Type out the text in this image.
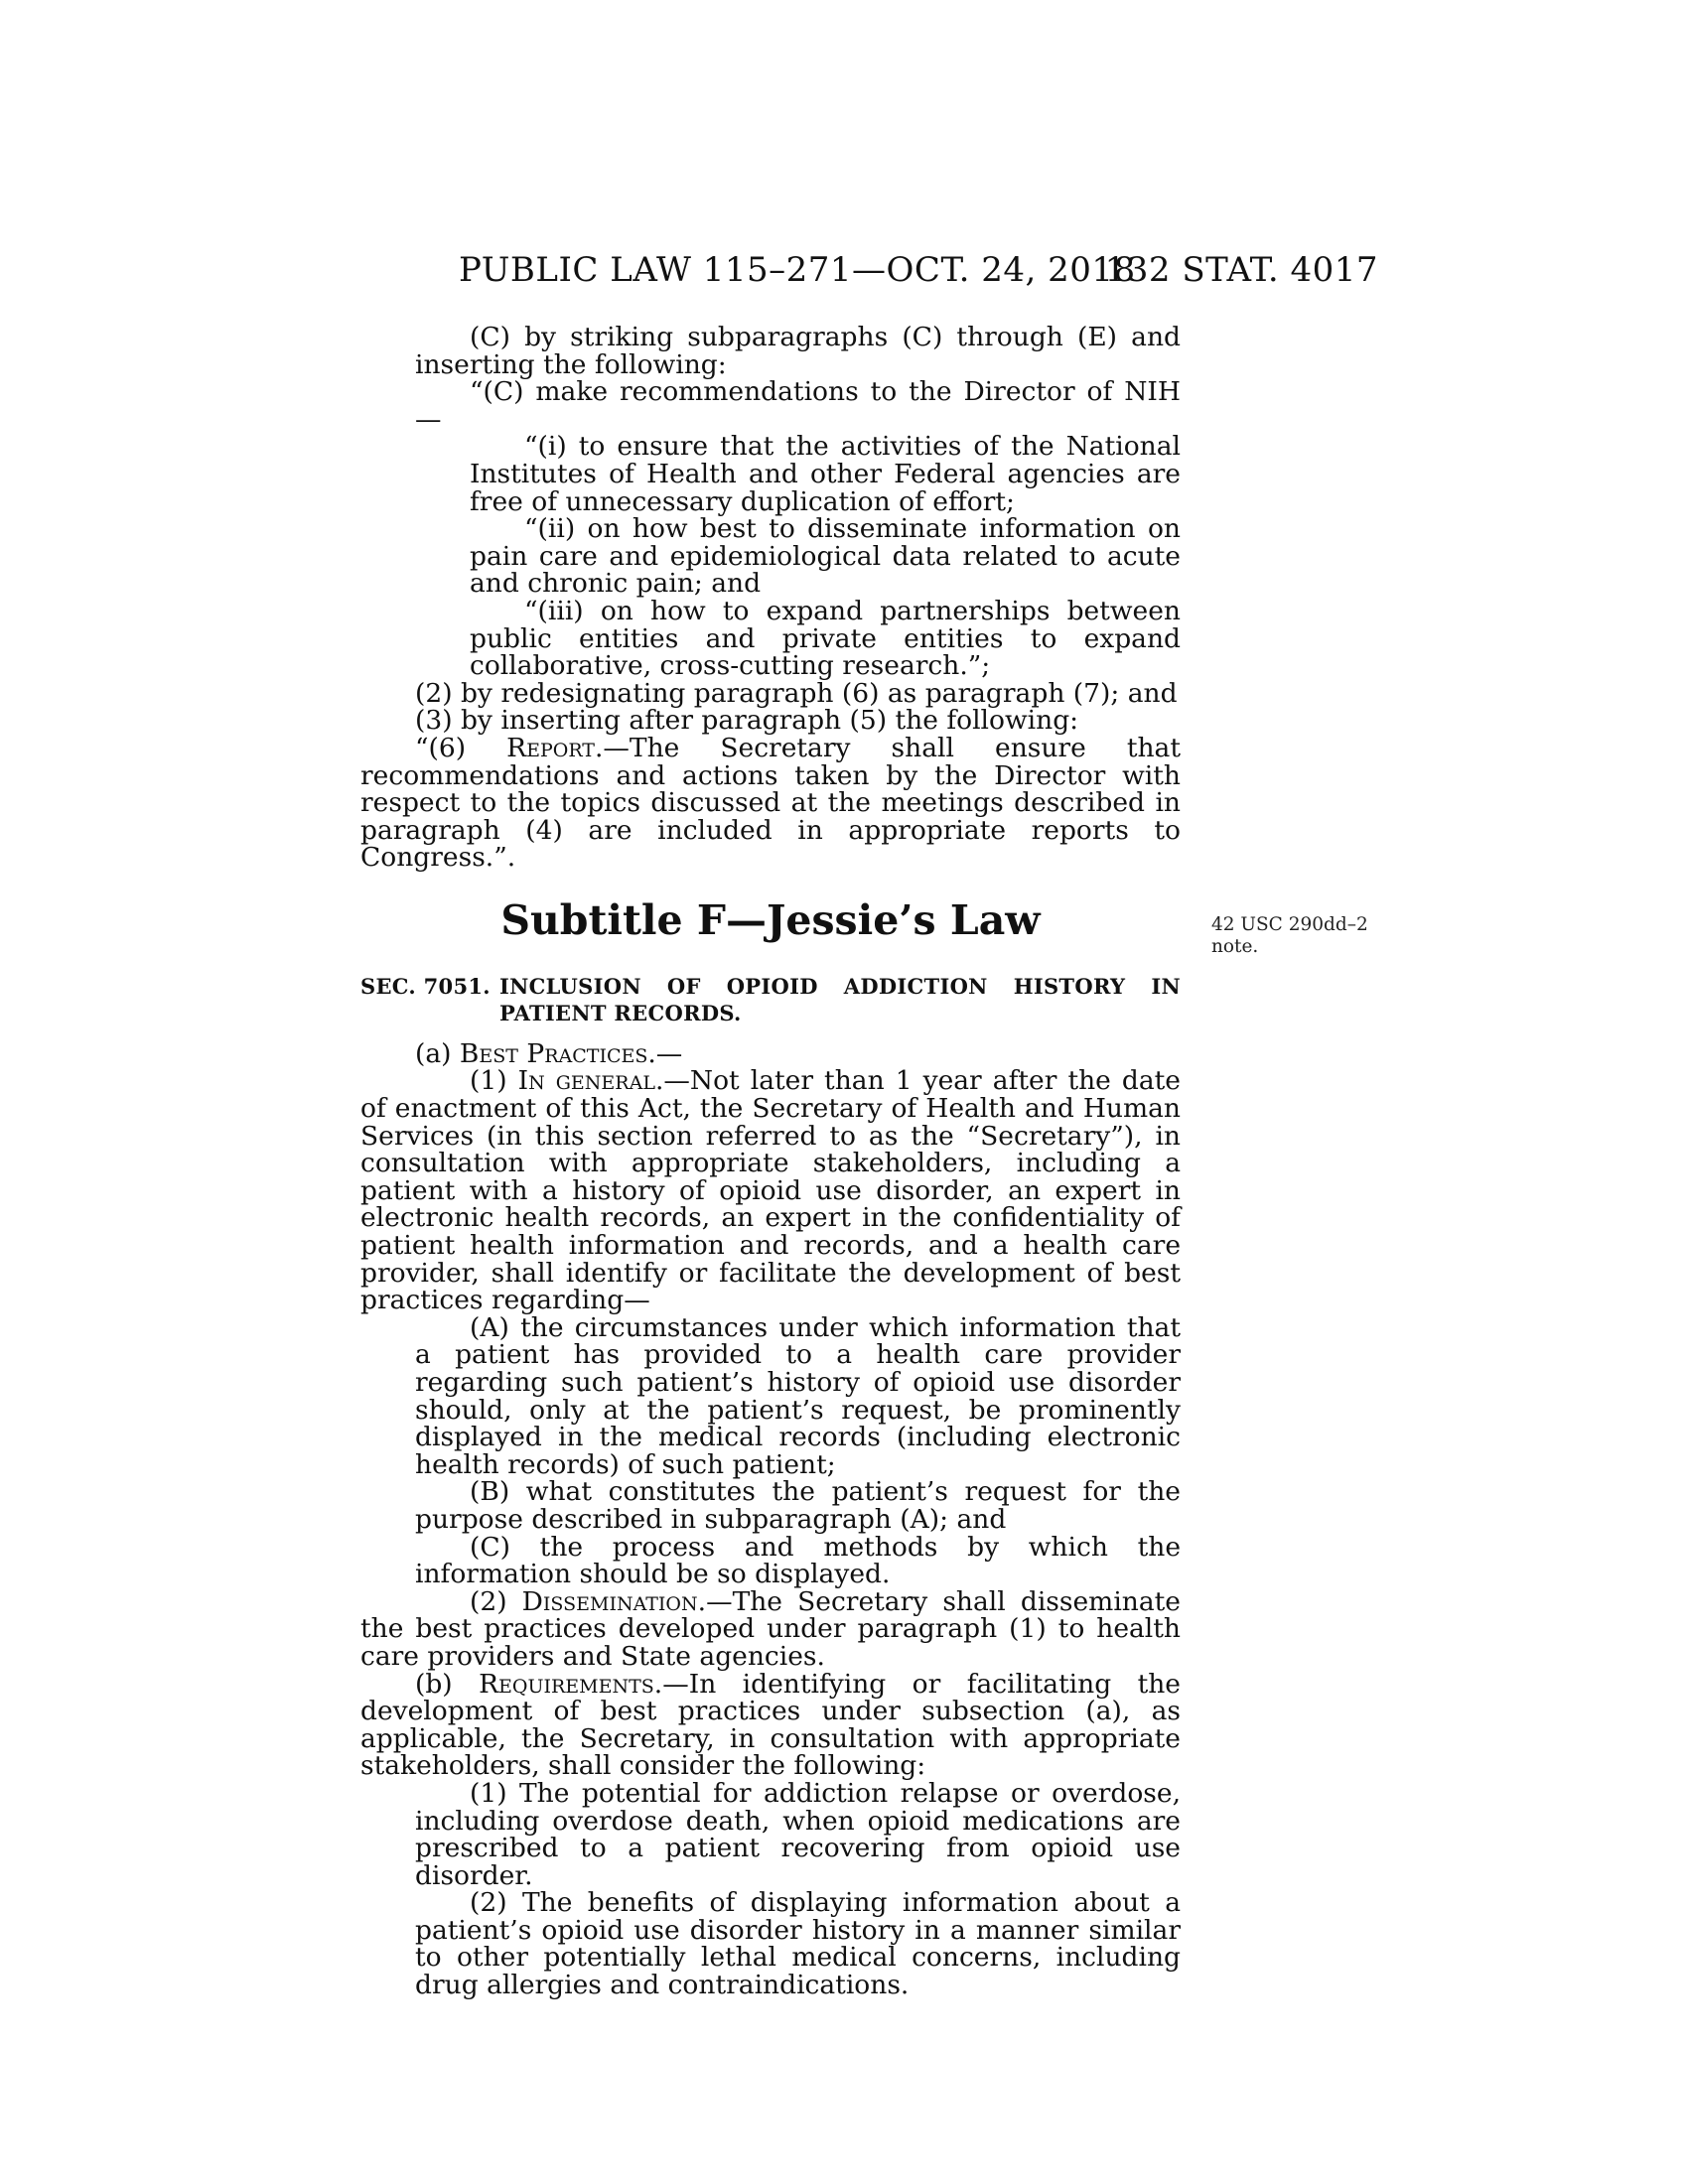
PUBLIC LAW 115–271—OCT. 24, 2018
132 STAT. 4017
42 USC 290dd–2 note.

(C) by striking subparagraphs (C) through (E) and inserting the following:

“(C) make recommendations to the Director of NIH—

“(i) to ensure that the activities of the National Institutes of Health and other Federal agencies are free of unnecessary duplication of effort;

“(ii) on how best to disseminate information on pain care and epidemiological data related to acute and chronic pain; and

“(iii) on how to expand partnerships between public entities and private entities to expand collaborative, cross-cutting research.”;

(2) by redesignating paragraph (6) as paragraph (7); and

(3) by inserting after paragraph (5) the following:

“(6) Report.—The Secretary shall ensure that recommendations and actions taken by the Director with respect to the topics discussed at the meetings described in paragraph (4) are included in appropriate reports to Congress.”.

Subtitle F—Jessie’s Law
SEC. 7051. INCLUSION OF OPIOID ADDICTION HISTORY IN PATIENT RECORDS.

(a) Best Practices.—

(1) In general.—Not later than 1 year after the date of enactment of this Act, the Secretary of Health and Human Services (in this section referred to as the “Secretary”), in consultation with appropriate stakeholders, including a patient with a history of opioid use disorder, an expert in electronic health records, an expert in the confidentiality of patient health information and records, and a health care provider, shall identify or facilitate the development of best practices regarding—

(A) the circumstances under which information that a patient has provided to a health care provider regarding such patient’s history of opioid use disorder should, only at the patient’s request, be prominently displayed in the medical records (including electronic health records) of such patient;

(B) what constitutes the patient’s request for the purpose described in subparagraph (A); and

(C) the process and methods by which the information should be so displayed.

(2) Dissemination.—The Secretary shall disseminate the best practices developed under paragraph (1) to health care providers and State agencies.

(b) Requirements.—In identifying or facilitating the development of best practices under subsection (a), as applicable, the Secretary, in consultation with appropriate stakeholders, shall consider the following:

(1) The potential for addiction relapse or overdose, including overdose death, when opioid medications are prescribed to a patient recovering from opioid use disorder.

(2) The benefits of displaying information about a patient’s opioid use disorder history in a manner similar to other potentially lethal medical concerns, including drug allergies and contraindications.
